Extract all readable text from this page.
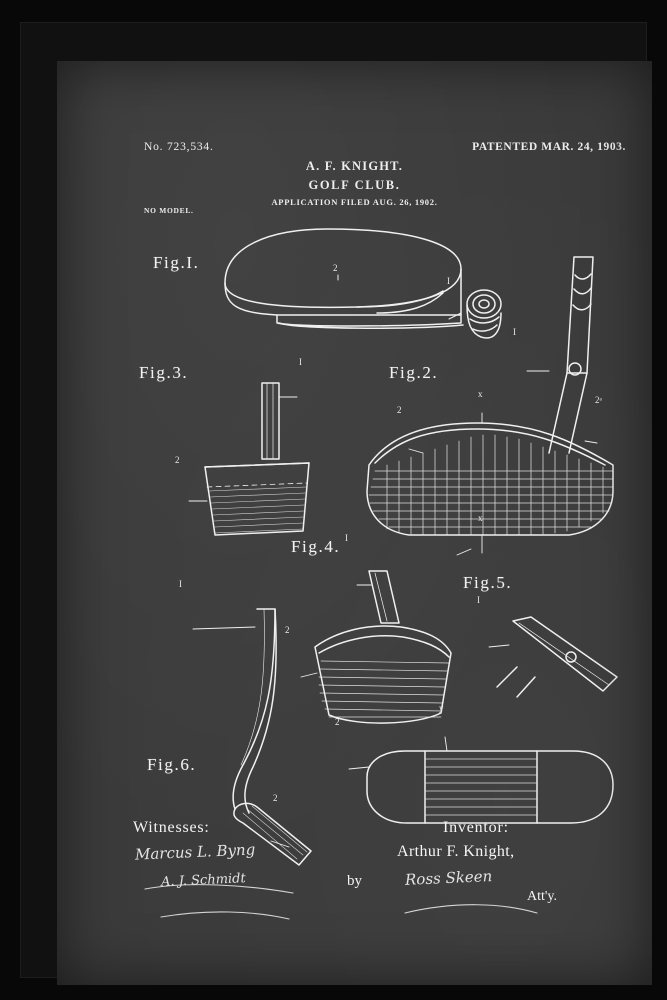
No. 723,534.	PATENTED MAR. 24, 1903.
A. F. KNIGHT.
GOLF CLUB.
APPLICATION FILED AUG. 26, 1902.
NO MODEL.
Fig.I.
Fig.2.
Fig.3.
Fig.4.
Fig.5.
Fig.6.
2
I
2
x
x
I
2ᵃ
I
2
I
2
I
y
2
I
2
Witnesses:
Marcus L. Byng
A. J. Schmidt
Inventor:
Arthur F. Knight,
by	Ross Skeen
Att'y.
